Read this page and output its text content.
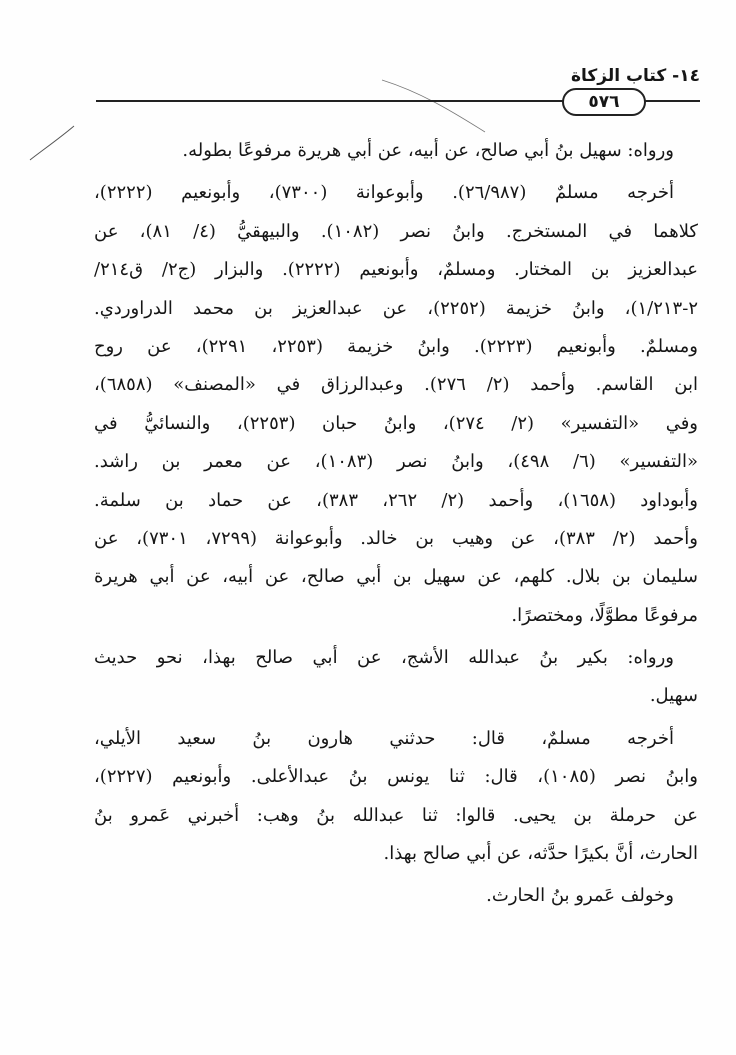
١٤- كتاب الزكاة
٥٧٦
ورواه: سهيل بنُ أبي صالح، عن أبيه، عن أبي هريرة مرفوعًا بطوله.
أخرجه مسلمٌ (٢٦/٩٨٧). وأبوعوانة (٧٣٠٠)، وأبونعيم (٢٢٢٢)،
كلاهما في المستخرج. وابنُ نصر (١٠٨٢). والبيهقيُّ (٤/ ٨١)، عن
عبدالعزيز بن المختار. ومسلمٌ، وأبونعيم (٢٢٢٢). والبزار (ج٢/ ق٢١٤/
٢-١/٢١٣)، وابنُ خزيمة (٢٢٥٢)، عن عبدالعزيز بن محمد الدراوردي.
ومسلمٌ. وأبونعيم (٢٢٢٣). وابنُ خزيمة (٢٢٥٣، ٢٢٩١)، عن روح
ابن القاسم. وأحمد (٢/ ٢٧٦). وعبدالرزاق في «المصنف» (٦٨٥٨)،
وفي «التفسير» (٢/ ٢٧٤)، وابنُ حبان (٢٢٥٣)، والنسائيُّ في
«التفسير» (٦/ ٤٩٨)، وابنُ نصر (١٠٨٣)، عن معمر بن راشد.
وأبوداود (١٦٥٨)، وأحمد (٢/ ٢٦٢، ٣٨٣)، عن حماد بن سلمة.
وأحمد (٢/ ٣٨٣)، عن وهيب بن خالد. وأبوعوانة (٧٢٩٩، ٧٣٠١)، عن
سليمان بن بلال. كلهم، عن سهيل بن أبي صالح، عن أبيه، عن أبي هريرة
مرفوعًا مطوَّلًا، ومختصرًا.
ورواه: بكير بنُ عبدالله الأشج، عن أبي صالح بهذا، نحو حديث
سهيل.
أخرجه مسلمٌ، قال: حدثني هارون بنُ سعيد الأيلي،
وابنُ نصر (١٠٨٥)، قال: ثنا يونس بنُ عبدالأعلى. وأبونعيم (٢٢٢٧)،
عن حرملة بن يحيى. قالوا: ثنا عبدالله بنُ وهب: أخبرني عَمرو بنُ
الحارث، أنَّ بكيرًا حدَّثه، عن أبي صالح بهذا.
وخولف عَمرو بنُ الحارث.
